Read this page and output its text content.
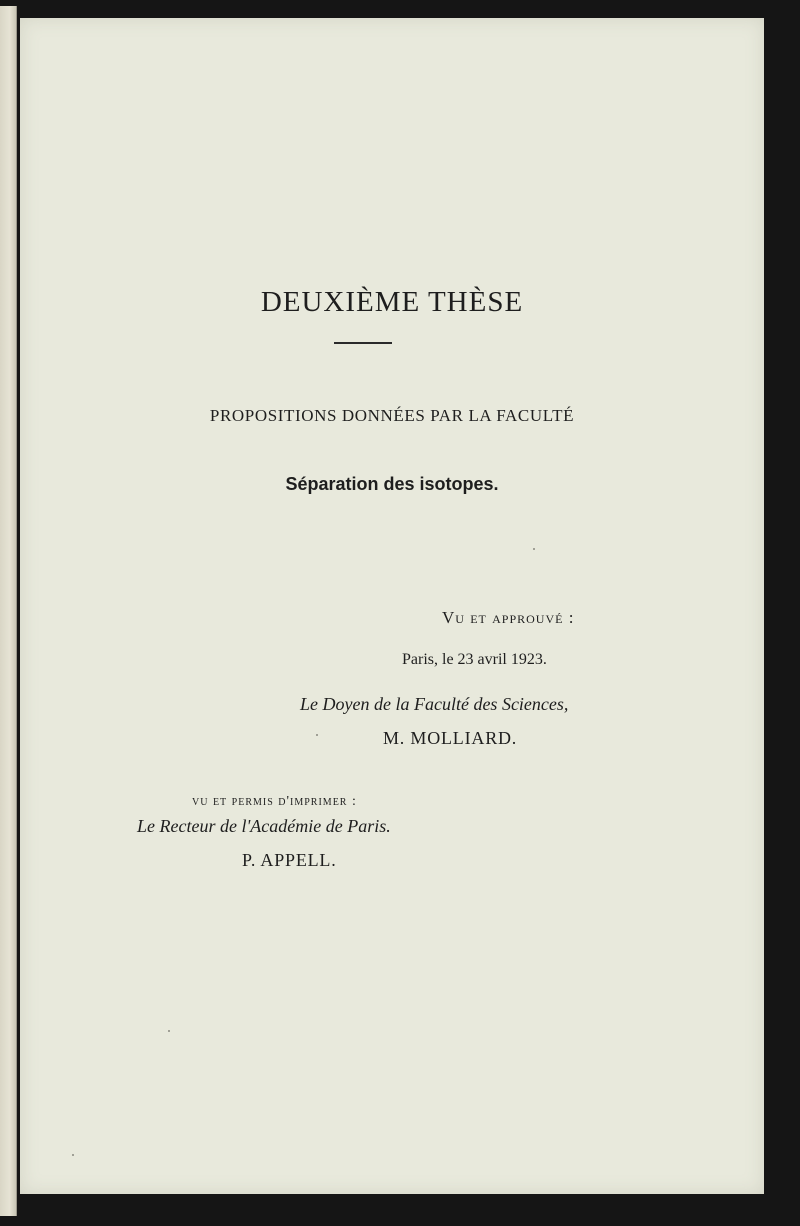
DEUXIÈME THÈSE
PROPOSITIONS DONNÉES PAR LA FACULTÉ
Séparation des isotopes.
Vu et approuvé :
Paris, le 23 avril 1923.
Le Doyen de la Faculté des Sciences,
M. MOLLIARD.
vu et permis d'imprimer :
Le Recteur de l'Académie de Paris.
P. APPELL.
